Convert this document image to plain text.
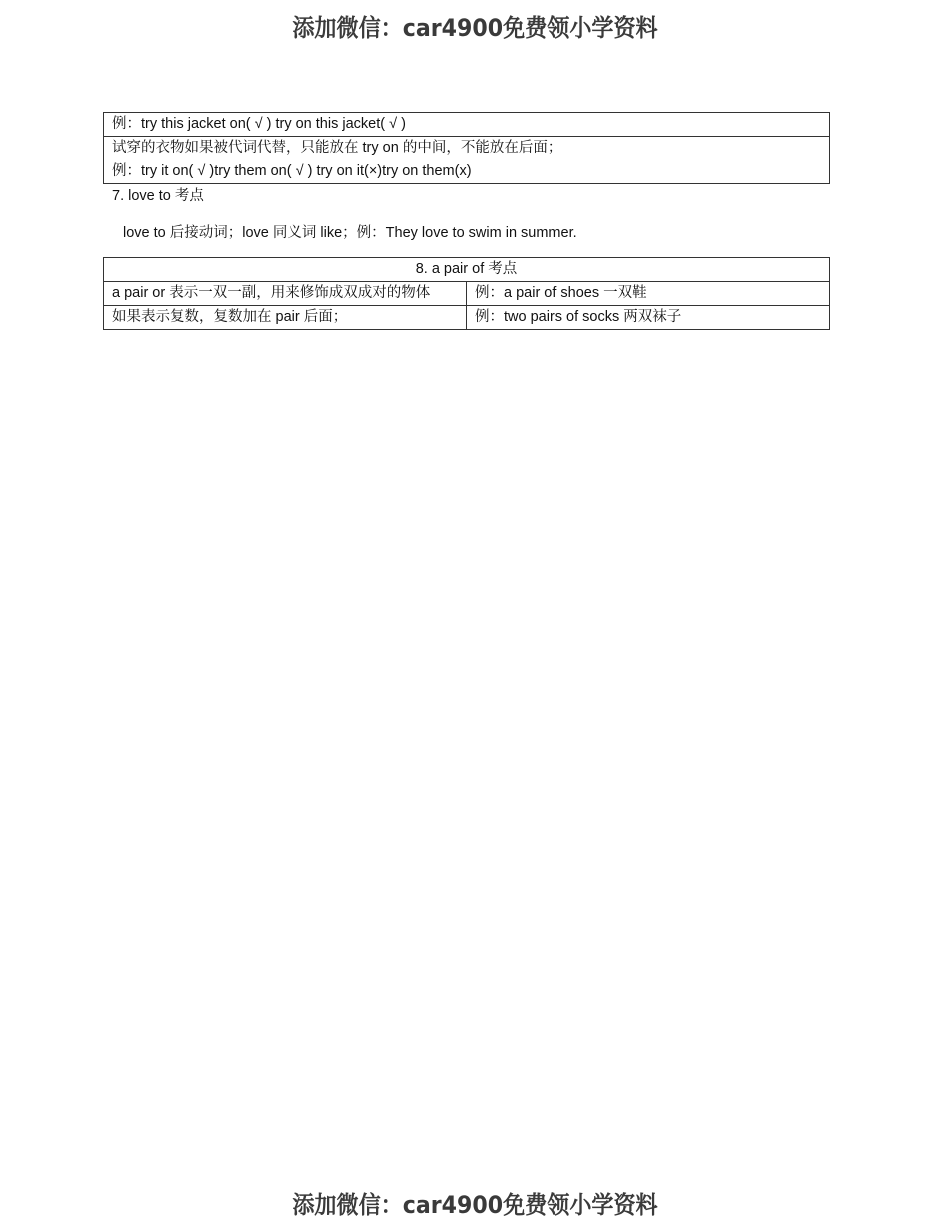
添加微信：car4900免费领小学资料
例：try this jacket on( √ ) try on this jacket( √ )

试穿的衣物如果被代词代替，只能放在 try on 的中间，不能放在后面；
例：try it on( √ )try them on( √ ) try on it(×)try on them(x)
7. love to 考点
love to 后接动词；love 同义词 like；例：They love to swim in summer.
8. a pair of 考点	
a pair or 表示一双一副，用来修饰成双成对的物体	例：a pair of shoes 一双鞋
如果表示复数，复数加在 pair 后面；	例：two pairs of socks 两双袜子
添加微信：car4900免费领小学资料
